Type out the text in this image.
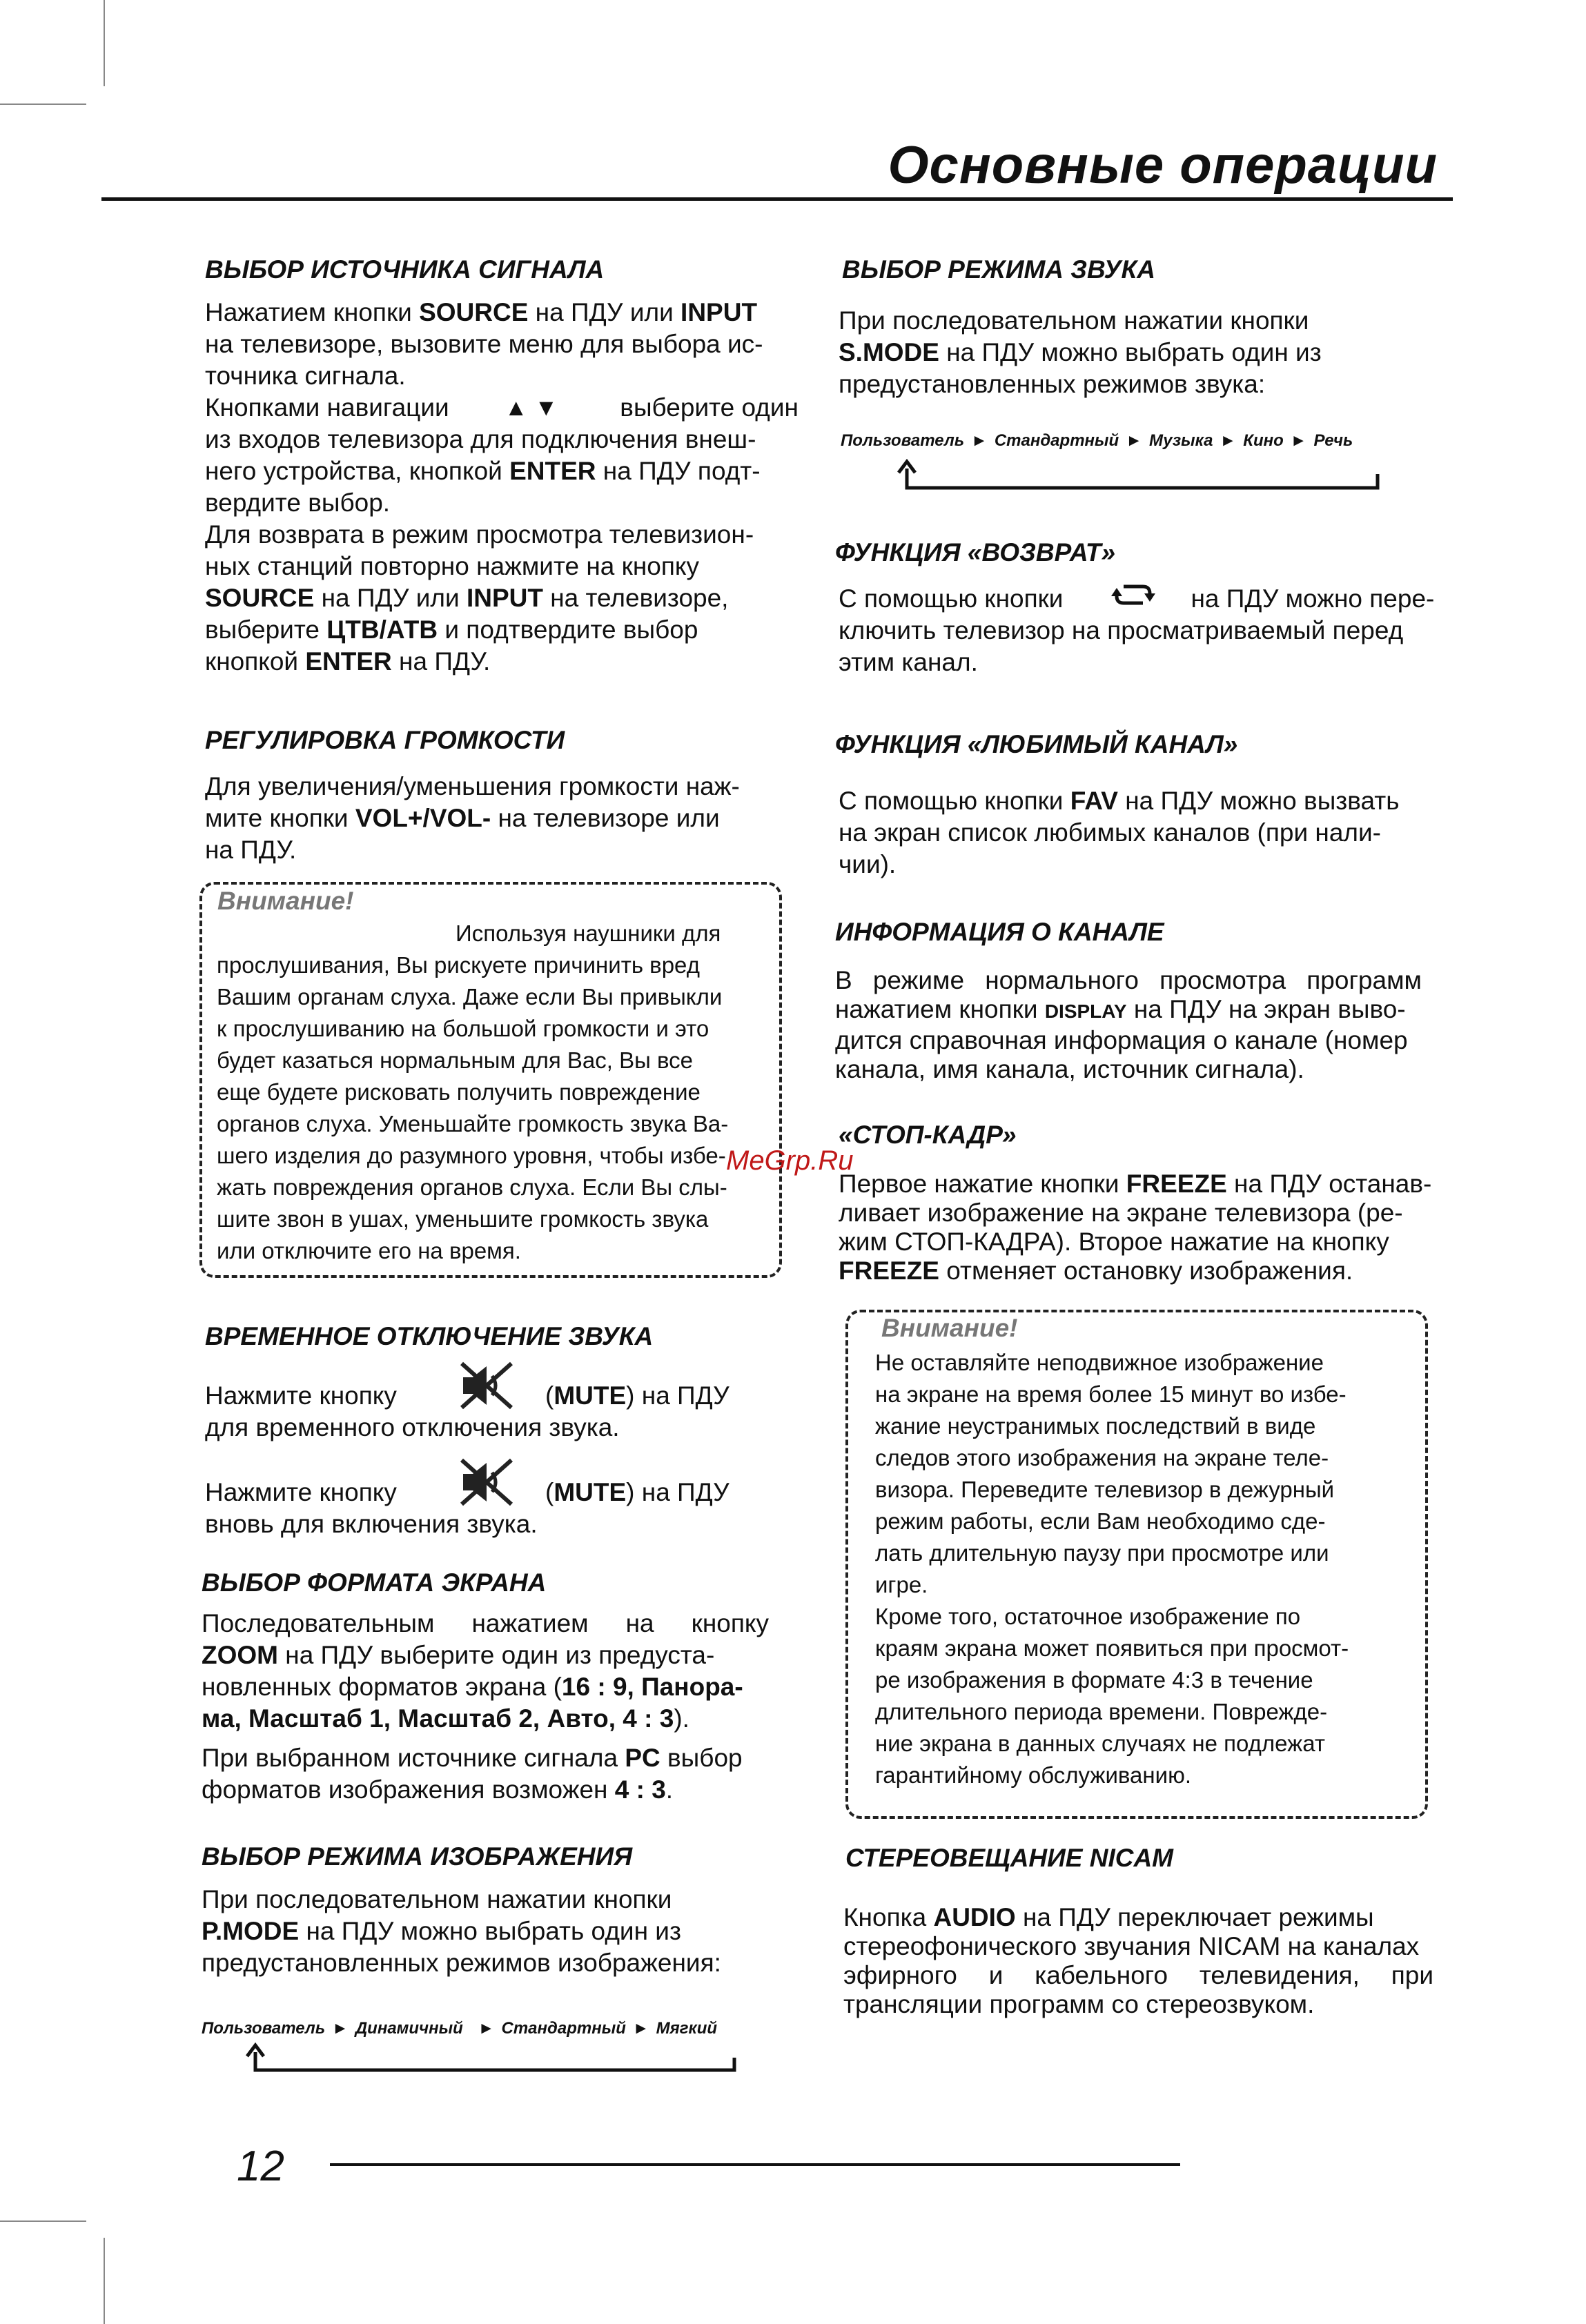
Основные операции
ВЫБОР ИСТОЧНИКА СИГНАЛА
Нажатием кнопки SOURCE на ПДУ или INPUT
на телевизоре, вызовите меню для выбора ис-
точника сигнала.
Кнопками навигации ▲▼ выберите один
из входов телевизора для подключения внеш-
него устройства, кнопкой ENTER на ПДУ подт-
вердите выбор.
Для возврата в режим просмотра телевизион-
ных станций повторно нажмите на кнопку
SOURCE на ПДУ или INPUT на телевизоре,
выберите ЦТВ/АТВ и подтвердите выбор
кнопкой ENTER на ПДУ.
РЕГУЛИРОВКА ГРОМКОСТИ
Для увеличения/уменьшения громкости наж-
мите кнопки VOL+/VOL- на телевизоре или
на ПДУ.
Внимание!
Используя наушники для
прослушивания, Вы рискуете причинить вред
Вашим органам слуха. Даже если Вы привыкли
к прослушиванию на большой громкости и это
будет казаться нормальным для Вас, Вы все
еще будете рисковать получить повреждение
органов слуха. Уменьшайте громкость звука Ва-
шего изделия до разумного уровня, чтобы избе-
жать повреждения органов слуха. Если Вы слы-
шите звон в ушах, уменьшите громкость звука
или отключите его на время.
ВРЕМЕННОЕ ОТКЛЮЧЕНИЕ ЗВУКА
Нажмите кнопку
для временного отключения звука.
(MUTE) на ПДУ
Нажмите кнопку
вновь для включения звука.
(MUTE) на ПДУ
ВЫБОР ФОРМАТА ЭКРАНА
Последовательным нажатием на кнопку
ZOOM на ПДУ выберите один из предуста-
новленных форматов экрана (16 : 9, Панора-
ма, Масштаб 1, Масштаб 2, Авто, 4 : 3).
При выбранном источнике сигнала PC выбор
форматов изображения возможен 4 : 3.
ВЫБОР РЕЖИМА ИЗОБРАЖЕНИЯ
При последовательном нажатии кнопки
P.MODE на ПДУ можно выбрать один из
предустановленных режимов изображения:
Пользователь ► Динамичный ► Стандартный ► Мягкий
ВЫБОР РЕЖИМА ЗВУКА
При последовательном нажатии кнопки
S.MODE на ПДУ можно выбрать один из
предустановленных режимов звука:
Пользователь ► Стандартный ► Музыка ► Кино ► Речь
ФУНКЦИЯ «ВОЗВРАТ»
С помощью кнопки	на ПДУ можно пере-
ключить телевизор на просматриваемый перед
этим канал.
ФУНКЦИЯ «ЛЮБИМЫЙ КАНАЛ»
С помощью кнопки FAV на ПДУ можно вызвать
на экран список любимых каналов (при нали-
чии).
ИНФОРМАЦИЯ О КАНАЛЕ
В режиме нормального просмотра программ
нажатием кнопки DISPLAY на ПДУ на экран выво-
дится справочная информация о канале (номер
канала, имя канала, источник сигнала).
«СТОП-КАДР»
Первое нажатие кнопки FREEZE на ПДУ останав-
ливает изображение на экране телевизора (ре-
жим СТОП-КАДРА). Второе нажатие на кнопку
FREEZE отменяет остановку изображения.
Внимание!
Не оставляйте неподвижное изображение
на экране на время более 15 минут во избе-
жание неустранимых последствий в виде
следов этого изображения на экране теле-
визора. Переведите телевизор в дежурный
режим работы, если Вам необходимо сде-
лать длительную паузу при просмотре или
игре.
Кроме того, остаточное изображение по
краям экрана может появиться при просмот-
ре изображения в формате 4:3 в течение
длительного периода времени. Поврежде-
ние экрана в данных случаях не подлежат
гарантийному обслуживанию.
СТЕРЕОВЕЩАНИЕ NICAM
Кнопка AUDIO на ПДУ переключает режимы
стереофонического звучания NICAM на каналах
эфирного и кабельного телевидения, при
трансляции программ со стереозвуком.
MeGrp.Ru
12
